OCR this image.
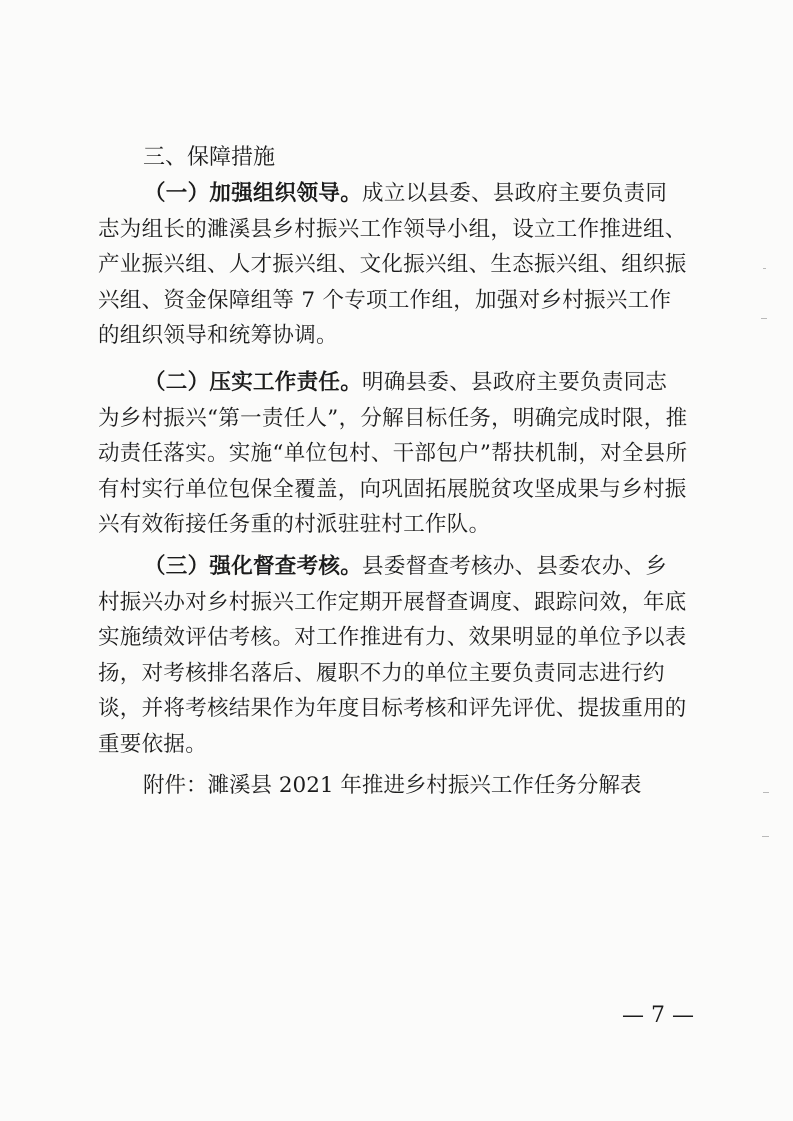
三、保障措施

（一）加强组织领导。成立以县委、县政府主要负责同志为组长的濉溪县乡村振兴工作领导小组，设立工作推进组、产业振兴组、人才振兴组、文化振兴组、生态振兴组、组织振兴组、资金保障组等 7 个专项工作组，加强对乡村振兴工作的组织领导和统筹协调。

（二）压实工作责任。明确县委、县政府主要负责同志为乡村振兴“第一责任人”，分解目标任务，明确完成时限，推动责任落实。实施“单位包村、干部包户”帮扶机制，对全县所有村实行单位包保全覆盖，向巩固拓展脱贫攻坚成果与乡村振兴有效衔接任务重的村派驻驻村工作队。

（三）强化督查考核。县委督查考核办、县委农办、乡村振兴办对乡村振兴工作定期开展督查调度、跟踪问效，年底实施绩效评估考核。对工作推进有力、效果明显的单位予以表扬，对考核排名落后、履职不力的单位主要负责同志进行约谈，并将考核结果作为年度目标考核和评先评优、提拔重用的重要依据。

附件：濉溪县 2021 年推进乡村振兴工作任务分解表
— 7 —
